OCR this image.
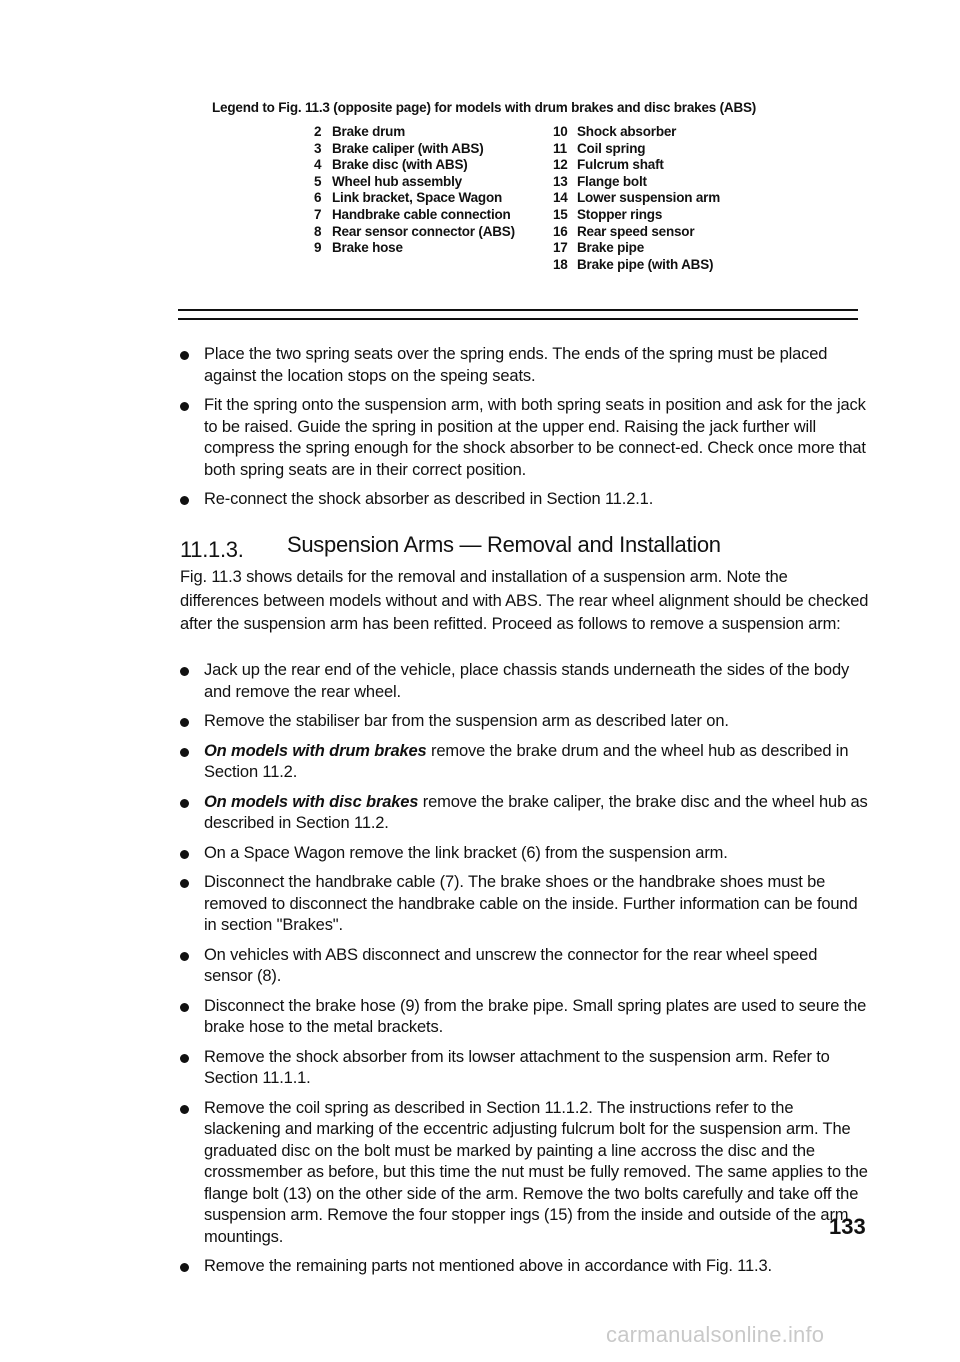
Legend to Fig. 11.3 (opposite page) for models with drum brakes and disc brakes (ABS)
2 Brake drum
3 Brake caliper (with ABS)
4 Brake disc (with ABS)
5 Wheel hub assembly
6 Link bracket, Space Wagon
7 Handbrake cable connection
8 Rear sensor connector (ABS)
9 Brake hose
10 Shock absorber
11 Coil spring
12 Fulcrum shaft
13 Flange bolt
14 Lower suspension arm
15 Stopper rings
16 Rear speed sensor
17 Brake pipe
18 Brake pipe (with ABS)
Place the two spring seats over the spring ends. The ends of the spring must be placed against the location stops on the speing seats.
Fit the spring onto the suspension arm, with both spring seats in position and ask for the jack to be raised. Guide the spring in position at the upper end. Raising the jack further will compress the spring enough for the shock absorber to be connect-ed. Check once more that both spring seats are in their correct position.
Re-connect the shock absorber as described in Section 11.2.1.
11.1.3. Suspension Arms — Removal and Installation
Fig. 11.3 shows details for the removal and installation of a suspension arm. Note the differences between models without and with ABS. The rear wheel alignment should be checked after the suspension arm has been refitted. Proceed as follows to remove a suspension arm:
Jack up the rear end of the vehicle, place chassis stands underneath the sides of the body and remove the rear wheel.
Remove the stabiliser bar from the suspension arm as described later on.
On models with drum brakes remove the brake drum and the wheel hub as described in Section 11.2.
On models with disc brakes remove the brake caliper, the brake disc and the wheel hub as described in Section 11.2.
On a Space Wagon remove the link bracket (6) from the suspension arm.
Disconnect the handbrake cable (7). The brake shoes or the handbrake shoes must be removed to disconnect the handbrake cable on the inside. Further information can be found in section "Brakes".
On vehicles with ABS disconnect and unscrew the connector for the rear wheel speed sensor (8).
Disconnect the brake hose (9) from the brake pipe. Small spring plates are used to seure the brake hose to the metal brackets.
Remove the shock absorber from its lowser attachment to the suspension arm. Refer to Section 11.1.1.
Remove the coil spring as described in Section 11.1.2. The instructions refer to the slackening and marking of the eccentric adjusting fulcrum bolt for the suspension arm. The graduated disc on the bolt must be marked by painting a line accross the disc and the crossmember as before, but this time the nut must be fully removed. The same applies to the flange bolt (13) on the other side of the arm. Remove the two bolts carefully and take off the suspension arm. Remove the four stopper ings (15) from the inside and outside of the arm mountings.
Remove the remaining parts not mentioned above in accordance with Fig. 11.3.
133
carmanualsonline.info
